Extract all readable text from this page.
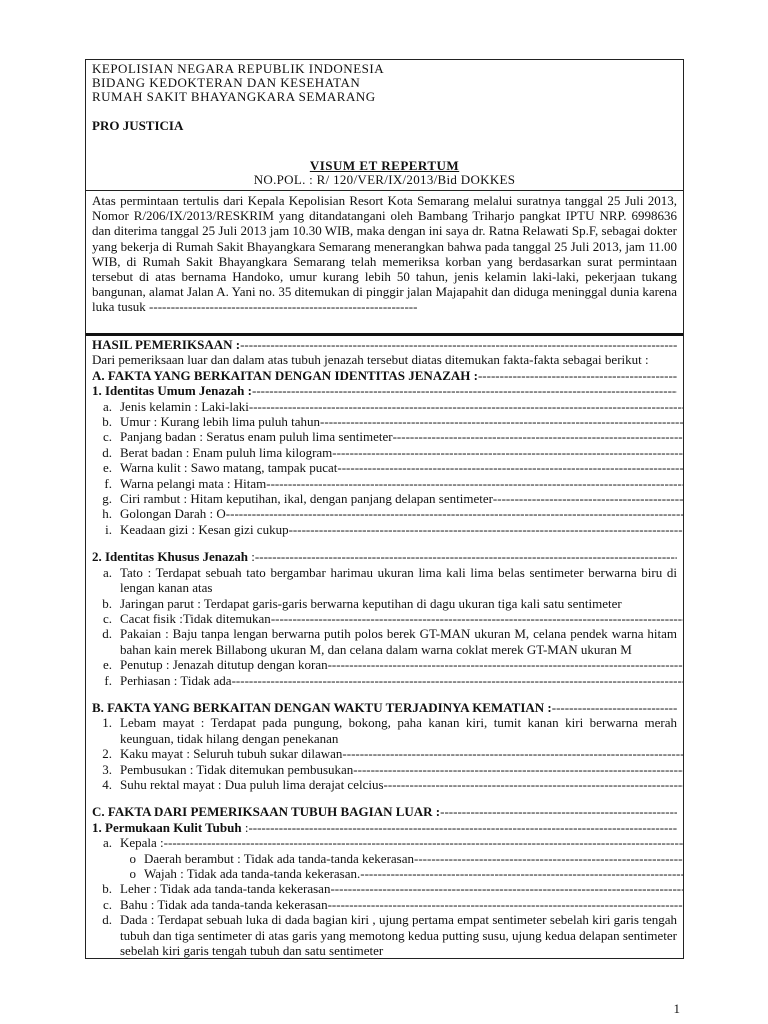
KEPOLISIAN NEGARA REPUBLIK INDONESIA
BIDANG KEDOKTERAN DAN KESEHATAN
RUMAH SAKIT BHAYANGKARA SEMARANG
PRO JUSTICIA
VISUM ET REPERTUM
NO.POL. : R/ 120/VER/IX/2013/Bid DOKKES
Atas permintaan tertulis dari Kepala Kepolisian Resort Kota Semarang melalui suratnya tanggal 25 Juli 2013, Nomor R/206/IX/2013/RESKRIM yang ditandatangani oleh Bambang Triharjo pangkat IPTU NRP. 6998636 dan diterima tanggal 25 Juli 2013 jam 10.30 WIB, maka dengan ini saya dr. Ratna Relawati Sp.F, sebagai dokter yang bekerja di Rumah Sakit Bhayangkara Semarang menerangkan bahwa pada tanggal 25 Juli 2013, jam 11.00 WIB, di Rumah Sakit Bhayangkara Semarang telah memeriksa korban yang berdasarkan surat permintaan tersebut di atas bernama Handoko, umur kurang lebih 50 tahun, jenis kelamin laki-laki, pekerjaan tukang bangunan, alamat Jalan A. Yani no. 35 ditemukan di pinggir jalan Majapahit dan diduga meninggal dunia karena luka tusuk --------------------------------------------------------------
HASIL PEMERIKSAAN :
-----
Dari pemeriksaan luar dan dalam atas tubuh jenazah tersebut diatas ditemukan fakta-fakta sebagai berikut :
A. FAKTA YANG BERKAITAN DENGAN IDENTITAS JENAZAH :
-----
1. Identitas Umum Jenazah :
-----
a. Jenis kelamin : Laki-laki
-----
b. Umur : Kurang lebih lima puluh tahun
-----
c. Panjang badan : Seratus enam puluh lima sentimeter
-----
d. Berat badan : Enam puluh lima kilogram
-----
e. Warna kulit : Sawo matang, tampak pucat
-----
f. Warna pelangi mata : Hitam
-----
g. Ciri rambut : Hitam keputihan, ikal, dengan panjang delapan sentimeter
-----
h. Golongan Darah : O
-----
i. Keadaan gizi : Kesan gizi cukup
-----
2. Identitas Khusus Jenazah :
-----
a. Tato : Terdapat sebuah tato bergambar harimau ukuran lima kali lima belas sentimeter berwarna biru di lengan kanan atas
b. Jaringan parut : Terdapat garis-garis berwarna keputihan di dagu ukuran tiga kali satu sentimeter
c. Cacat fisik :Tidak ditemukan
-----
d. Pakaian : Baju tanpa lengan berwarna putih polos berek GT-MAN ukuran M, celana pendek warna hitam bahan kain merek Billabong ukuran M, dan celana dalam warna coklat merek GT-MAN ukuran M
e. Penutup : Jenazah ditutup dengan koran
-----
f. Perhiasan : Tidak ada
-----
B. FAKTA YANG BERKAITAN DENGAN WAKTU TERJADINYA KEMATIAN :
-----
1. Lebam mayat : Terdapat pada pungung, bokong, paha kanan kiri, tumit kanan kiri berwarna merah keunguan, tidak hilang dengan penekanan
2. Kaku mayat : Seluruh tubuh sukar dilawan
-----
3. Pembusukan : Tidak ditemukan pembusukan
-----
4. Suhu rektal mayat : Dua puluh lima derajat celcius
-----
C. FAKTA DARI PEMERIKSAAN TUBUH BAGIAN LUAR :
-----
1. Permukaan Kulit Tubuh :
-----
a. Kepala :
-----
o Daerah berambut : Tidak ada tanda-tanda kekerasan
-----
o Wajah : Tidak ada tanda-tanda kekerasan.
-----
b. Leher : Tidak ada tanda-tanda kekerasan
-----
c. Bahu : Tidak ada tanda-tanda kekerasan
-----
d. Dada : Terdapat sebuah luka di dada bagian kiri , ujung pertama empat sentimeter sebelah kiri garis tengah tubuh dan tiga sentimeter di atas garis yang memotong kedua putting susu, ujung kedua delapan sentimeter sebelah kiri garis tengah tubuh dan satu sentimeter
1
